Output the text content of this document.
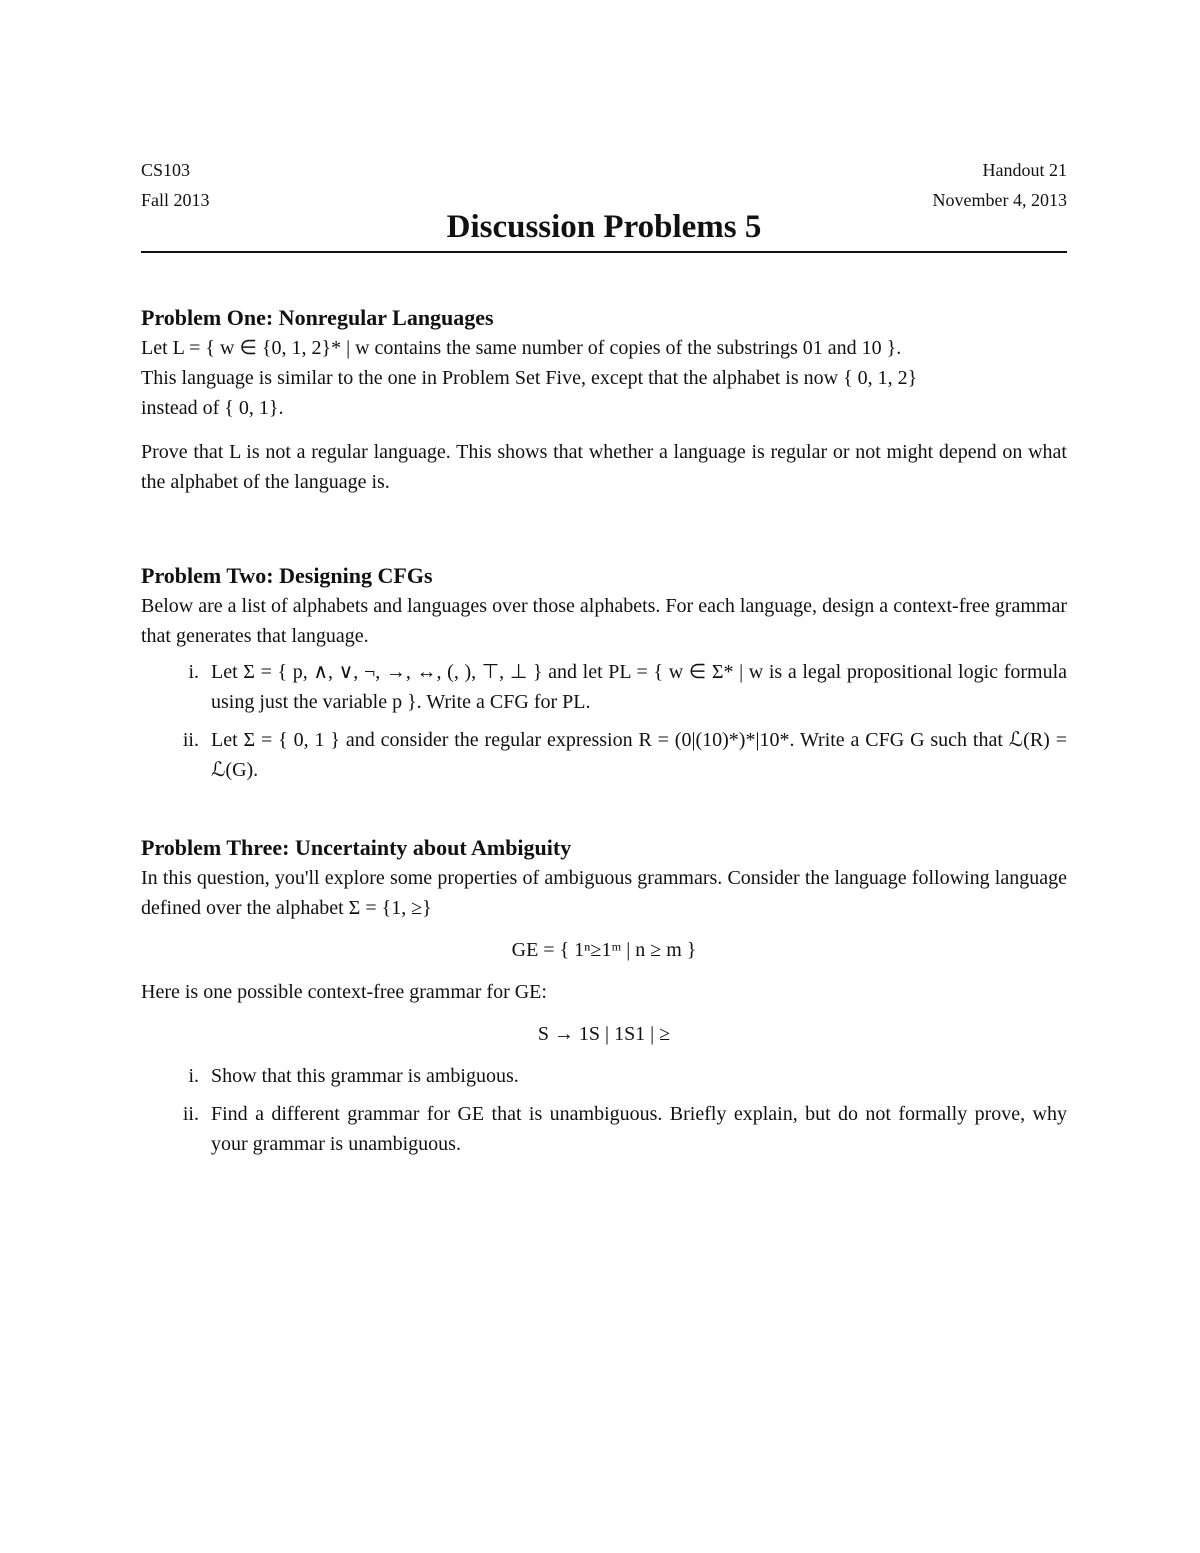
CS103	Handout 21
Fall 2013	November 4, 2013
Discussion Problems 5
Problem One: Nonregular Languages

Let L = { w ∈ {0, 1, 2}* | w contains the same number of copies of the substrings 01 and 10 }.

This language is similar to the one in Problem Set Five, except that the alphabet is now { 0, 1, 2}

instead of { 0, 1}.

Prove that L is not a regular language. This shows that whether a language is regular or not might depend on what the alphabet of the language is.

Problem Two: Designing CFGs

Below are a list of alphabets and languages over those alphabets. For each language, design a context-free grammar that generates that language.

i. Let Σ = { p, ∧, ∨, ¬, →, ↔, (, ), ⊤, ⊥ } and let PL = { w ∈ Σ* | w is a legal propositional logic formula using just the variable p }. Write a CFG for PL.
ii. Let Σ = { 0, 1 } and consider the regular expression R = (0|(10)*)*|10*. Write a CFG G such that ℒ(R) = ℒ(G).
Problem Three: Uncertainty about Ambiguity

In this question, you'll explore some properties of ambiguous grammars. Consider the language following language defined over the alphabet Σ = {1, ≥}

GE = { 1ⁿ≥1ᵐ | n ≥ m }

Here is one possible context-free grammar for GE:

S → 1S | 1S1 | ≥
i. Show that this grammar is ambiguous.
ii. Find a different grammar for GE that is unambiguous. Briefly explain, but do not formally prove, why your grammar is unambiguous.
